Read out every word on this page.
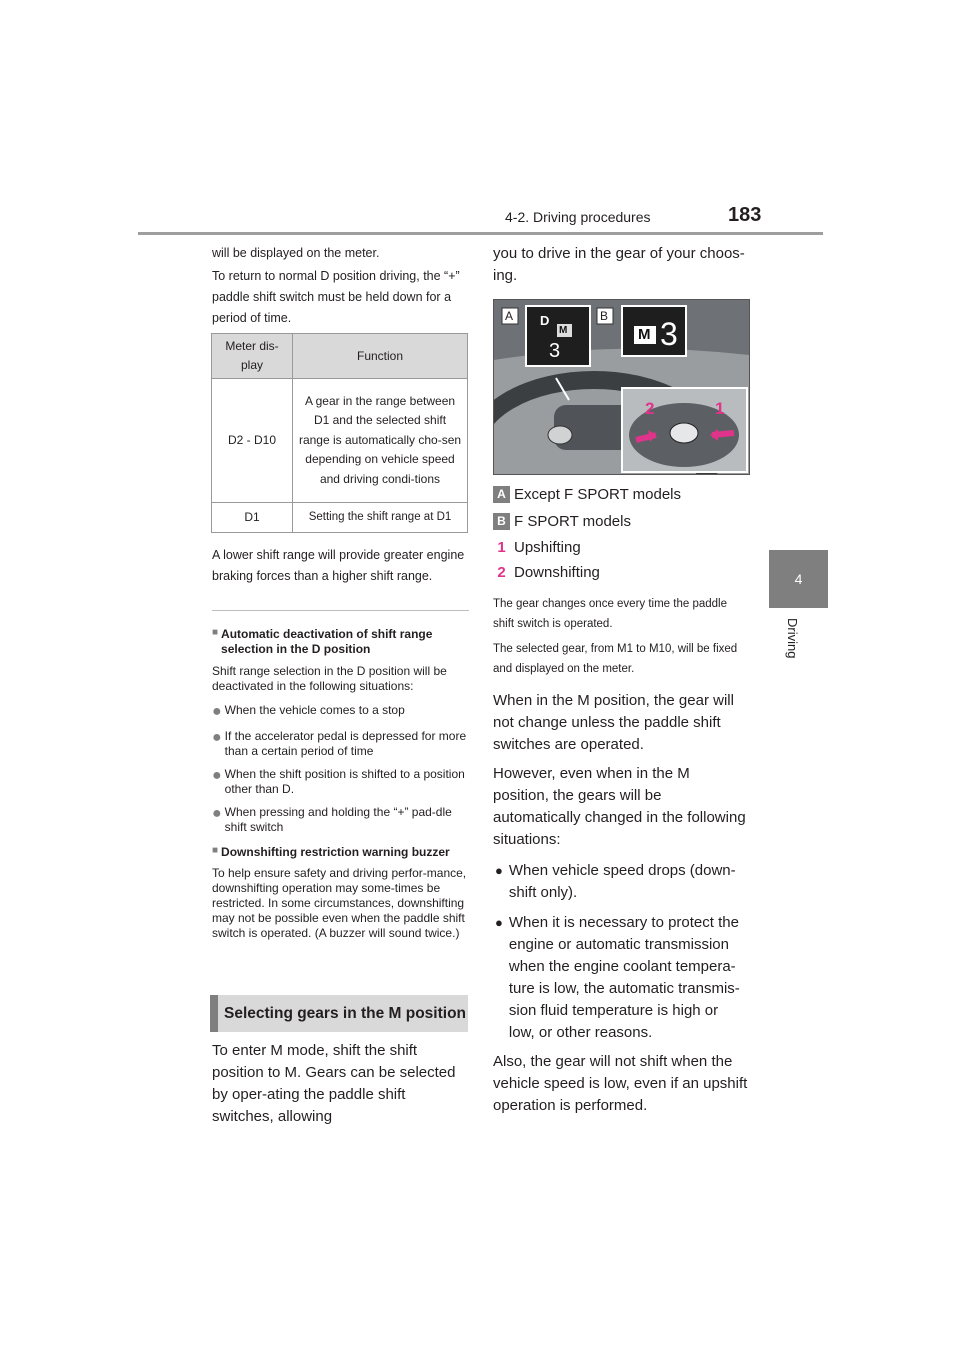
4-2. Driving procedures	183
4
Driving

will be displayed on the meter.

To return to normal D position driving, the “+” paddle shift switch must be held down for a period of time.

Meter dis-play	Function
D2 - D10	A gear in the range between D1 and the selected shift range is automatically cho-sen depending on vehicle speed and driving condi-tions
D1	Setting the shift range at D1

A lower shift range will provide greater engine braking forces than a higher shift range.

■ Automatic deactivation of shift range selection in the D position

Shift range selection in the D position will be deactivated in the following situations:

● When the vehicle comes to a stop

● If the accelerator pedal is depressed for more than a certain period of time

● When the shift position is shifted to a position other than D.

● When pressing and holding the “+” pad-dle shift switch

■ Downshifting restriction warning buzzer

To help ensure safety and driving perfor-mance, downshifting operation may some-times be restricted. In some circumstances, downshifting may not be possible even when the paddle shift switch is operated. (A buzzer will sound twice.)

Selecting gears in the M position

To enter M mode, shift the shift position to M. Gears can be selected by oper-ating the paddle shift switches, allowing

you to drive in the gear of your choos-ing.

A	B
D
M
3
M 3
2	1
A Except F SPORT models
B F SPORT models
1 Upshifting
2 Downshifting

The gear changes once every time the paddle shift switch is operated.

The selected gear, from M1 to M10, will be fixed and displayed on the meter.

When in the M position, the gear will not change unless the paddle shift switches are operated.

However, even when in the M position, the gears will be automatically changed in the following situations:

● When vehicle speed drops (down-shift only).

● When it is necessary to protect the engine or automatic transmission when the engine coolant tempera-ture is low, the automatic transmis-sion fluid temperature is high or low, or other reasons.

Also, the gear will not shift when the vehicle speed is low, even if an upshift operation is performed.
